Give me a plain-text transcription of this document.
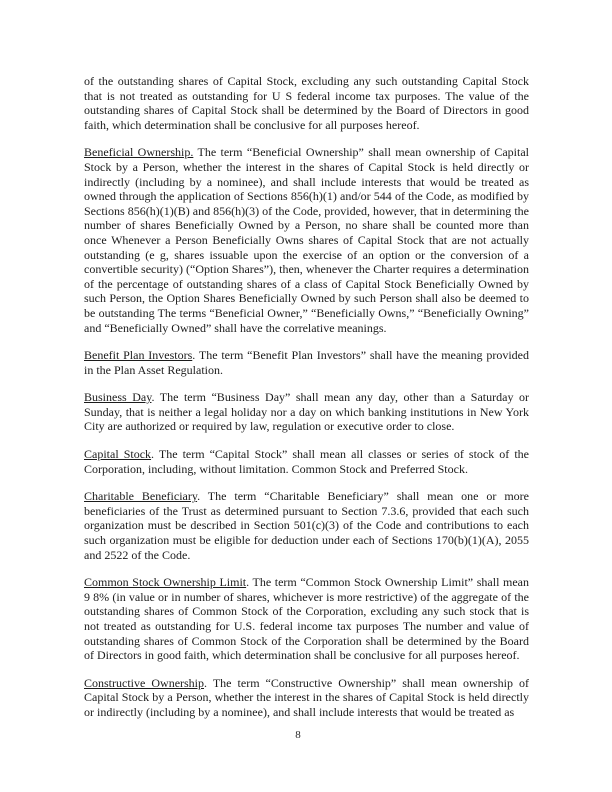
of the outstanding shares of Capital Stock, excluding any such outstanding Capital Stock that is not treated as outstanding for U S federal income tax purposes. The value of the outstanding shares of Capital Stock shall be determined by the Board of Directors in good faith, which determination shall be conclusive for all purposes hereof.

Beneficial Ownership. The term “Beneficial Ownership” shall mean ownership of Capital Stock by a Person, whether the interest in the shares of Capital Stock is held directly or indirectly (including by a nominee), and shall include interests that would be treated as owned through the application of Sections 856(h)(1) and/or 544 of the Code, as modified by Sections 856(h)(1)(B) and 856(h)(3) of the Code, provided, however, that in determining the number of shares Beneficially Owned by a Person, no share shall be counted more than once Whenever a Person Beneficially Owns shares of Capital Stock that are not actually outstanding (e g, shares issuable upon the exercise of an option or the conversion of a convertible security) (“Option Shares”), then, whenever the Charter requires a determination of the percentage of outstanding shares of a class of Capital Stock Beneficially Owned by such Person, the Option Shares Beneficially Owned by such Person shall also be deemed to be outstanding The terms “Beneficial Owner,” “Beneficially Owns,” “Beneficially Owning” and “Beneficially Owned” shall have the correlative meanings.

Benefit Plan Investors. The term “Benefit Plan Investors” shall have the meaning provided in the Plan Asset Regulation.

Business Day. The term “Business Day” shall mean any day, other than a Saturday or Sunday, that is neither a legal holiday nor a day on which banking institutions in New York City are authorized or required by law, regulation or executive order to close.

Capital Stock. The term “Capital Stock” shall mean all classes or series of stock of the Corporation, including, without limitation. Common Stock and Preferred Stock.

Charitable Beneficiary. The term “Charitable Beneficiary” shall mean one or more beneficiaries of the Trust as determined pursuant to Section 7.3.6, provided that each such organization must be described in Section 501(c)(3) of the Code and contributions to each such organization must be eligible for deduction under each of Sections 170(b)(1)(A), 2055 and 2522 of the Code.

Common Stock Ownership Limit. The term “Common Stock Ownership Limit” shall mean 9 8% (in value or in number of shares, whichever is more restrictive) of the aggregate of the outstanding shares of Common Stock of the Corporation, excluding any such stock that is not treated as outstanding for U.S. federal income tax purposes The number and value of outstanding shares of Common Stock of the Corporation shall be determined by the Board of Directors in good faith, which determination shall be conclusive for all purposes hereof.

Constructive Ownership. The term “Constructive Ownership” shall mean ownership of Capital Stock by a Person, whether the interest in the shares of Capital Stock is held directly or indirectly (including by a nominee), and shall include interests that would be treated as

8
